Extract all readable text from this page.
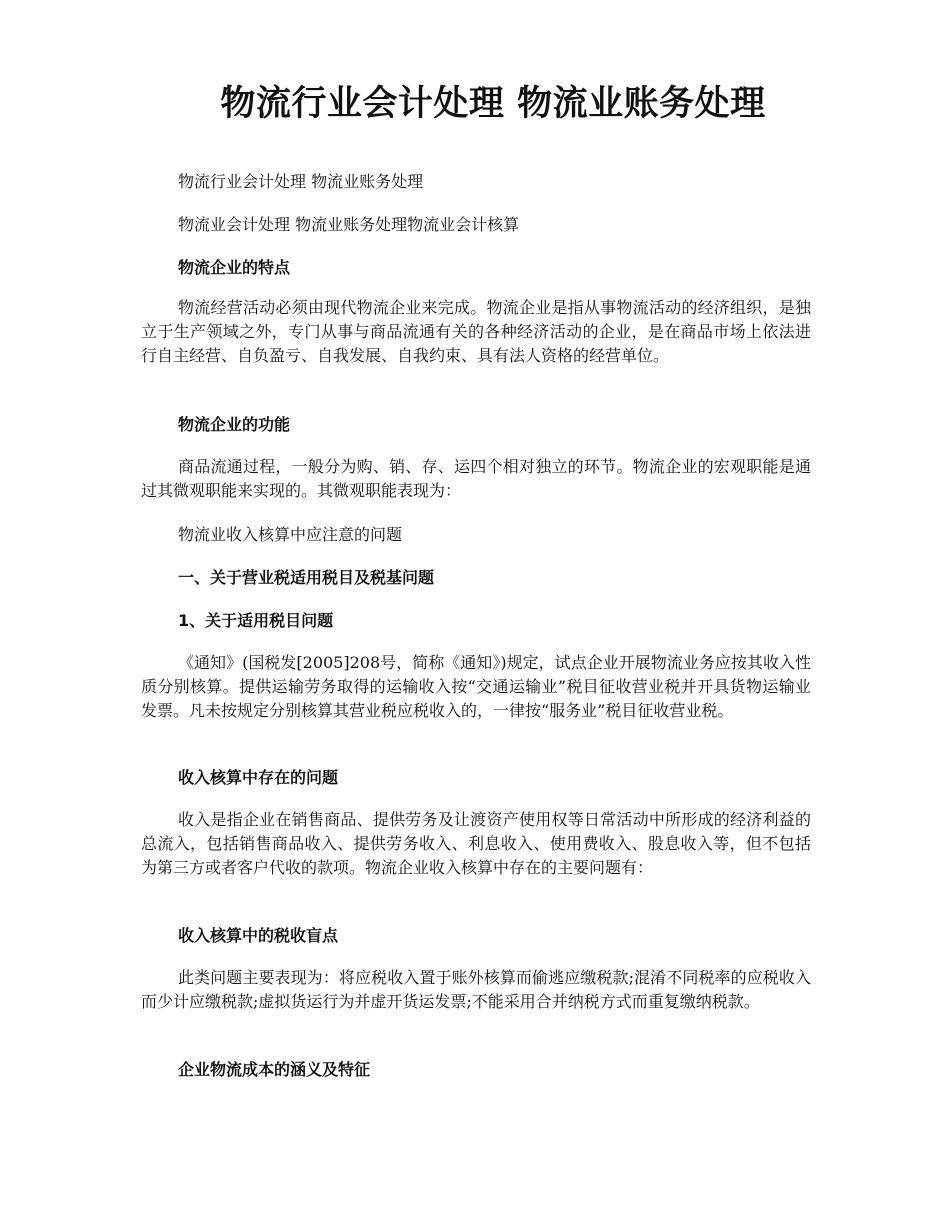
物流行业会计处理 物流业账务处理

物流行业会计处理 物流业账务处理

物流业会计处理 物流业账务处理物流业会计核算

物流企业的特点

物流经营活动必须由现代物流企业来完成。物流企业是指从事物流活动的经济组织，是独立于生产领域之外，专门从事与商品流通有关的各种经济活动的企业，是在商品市场上依法进行自主经营、自负盈亏、自我发展、自我约束、具有法人资格的经营单位。

物流企业的功能

商品流通过程，一般分为购、销、存、运四个相对独立的环节。物流企业的宏观职能是通过其微观职能来实现的。其微观职能表现为：

物流业收入核算中应注意的问题

一、关于营业税适用税目及税基问题

1、关于适用税目问题

《通知》(国税发[2005]208号，简称《通知》)规定，试点企业开展物流业务应按其收入性质分别核算。提供运输劳务取得的运输收入按“交通运输业”税目征收营业税并开具货物运输业发票。凡未按规定分别核算其营业税应税收入的，一律按“服务业”税目征收营业税。

收入核算中存在的问题

收入是指企业在销售商品、提供劳务及让渡资产使用权等日常活动中所形成的经济利益的总流入，包括销售商品收入、提供劳务收入、利息收入、使用费收入、股息收入等，但不包括为第三方或者客户代收的款项。物流企业收入核算中存在的主要问题有：

收入核算中的税收盲点

此类问题主要表现为：将应税收入置于账外核算而偷逃应缴税款;混淆不同税率的应税收入而少计应缴税款;虚拟货运行为并虚开货运发票;不能采用合并纳税方式而重复缴纳税款。

企业物流成本的涵义及特征
